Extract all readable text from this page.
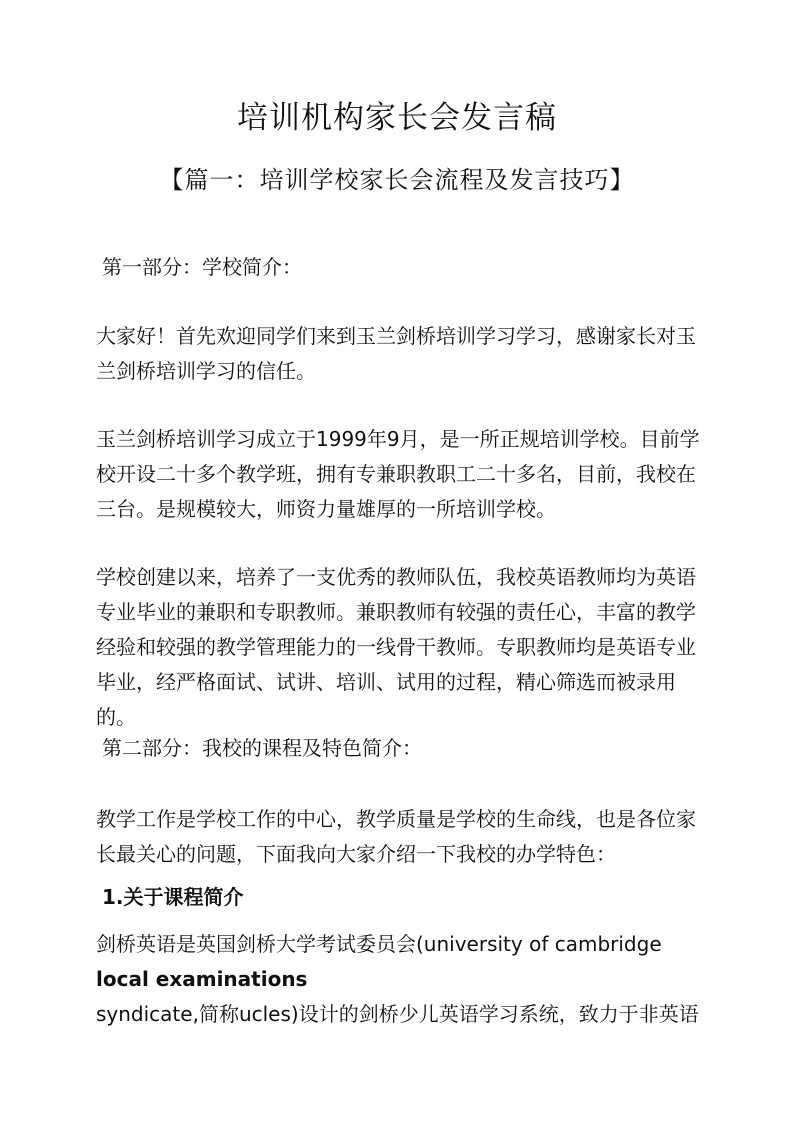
培训机构家长会发言稿
【篇一：培训学校家长会流程及发言技巧】

第一部分：学校简介：

大家好！首先欢迎同学们来到玉兰剑桥培训学习学习，感谢家长对玉兰剑桥培训学习的信任。

玉兰剑桥培训学习成立于1999年9月，是一所正规培训学校。目前学校开设二十多个教学班，拥有专兼职教职工二十多名，目前，我校在三台。是规模较大，师资力量雄厚的一所培训学校。

学校创建以来，培养了一支优秀的教师队伍，我校英语教师均为英语专业毕业的兼职和专职教师。兼职教师有较强的责任心，丰富的教学经验和较强的教学管理能力的一线骨干教师。专职教师均是英语专业毕业，经严格面试、试讲、培训、试用的过程，精心筛选而被录用的。

第二部分：我校的课程及特色简介：

教学工作是学校工作的中心，教学质量是学校的生命线，也是各位家长最关心的问题，下面我向大家介绍一下我校的办学特色：

1.关于课程简介

剑桥英语是英国剑桥大学考试委员会(university of cambridge
local examinations
syndicate,简称ucles)设计的剑桥少儿英语学习系统，致力于非英语
